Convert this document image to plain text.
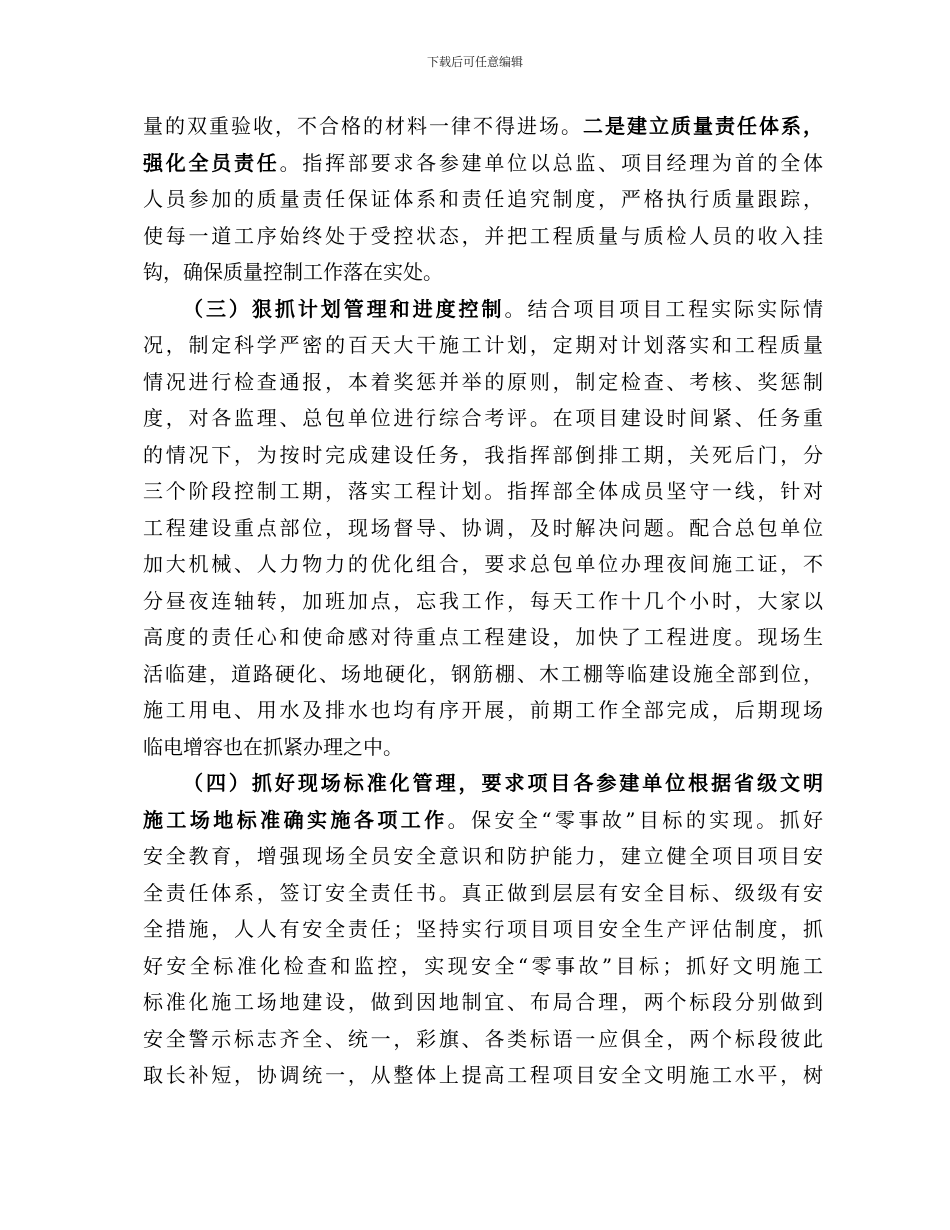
下载后可任意编辑
量的双重验收，不合格的材料一律不得进场。二是建立质量责任体系，
强化全员责任。指挥部要求各参建单位以总监、项目经理为首的全体
人员参加的质量责任保证体系和责任追究制度，严格执行质量跟踪，
使每一道工序始终处于受控状态，并把工程质量与质检人员的收入挂
钩，确保质量控制工作落在实处。
（三）狠抓计划管理和进度控制。结合项目项目工程实际实际情
况，制定科学严密的百天大干施工计划，定期对计划落实和工程质量
情况进行检查通报，本着奖惩并举的原则，制定检查、考核、奖惩制
度，对各监理、总包单位进行综合考评。在项目建设时间紧、任务重
的情况下，为按时完成建设任务，我指挥部倒排工期，关死后门，分
三个阶段控制工期，落实工程计划。指挥部全体成员坚守一线，针对
工程建设重点部位，现场督导、协调，及时解决问题。配合总包单位
加大机械、人力物力的优化组合，要求总包单位办理夜间施工证，不
分昼夜连轴转，加班加点，忘我工作，每天工作十几个小时，大家以
高度的责任心和使命感对待重点工程建设，加快了工程进度。现场生
活临建，道路硬化、场地硬化，钢筋棚、木工棚等临建设施全部到位，
施工用电、用水及排水也均有序开展，前期工作全部完成，后期现场
临电增容也在抓紧办理之中。
（四）抓好现场标准化管理，要求项目各参建单位根据省级文明
施工场地标准确实施各项工作。保安全“零事故”目标的实现。抓好
安全教育，增强现场全员安全意识和防护能力，建立健全项目项目安
全责任体系，签订安全责任书。真正做到层层有安全目标、级级有安
全措施，人人有安全责任；坚持实行项目项目安全生产评估制度，抓
好安全标准化检查和监控，实现安全“零事故”目标；抓好文明施工
标准化施工场地建设，做到因地制宜、布局合理，两个标段分别做到
安全警示标志齐全、统一，彩旗、各类标语一应俱全，两个标段彼此
取长补短，协调统一，从整体上提高工程项目安全文明施工水平，树
